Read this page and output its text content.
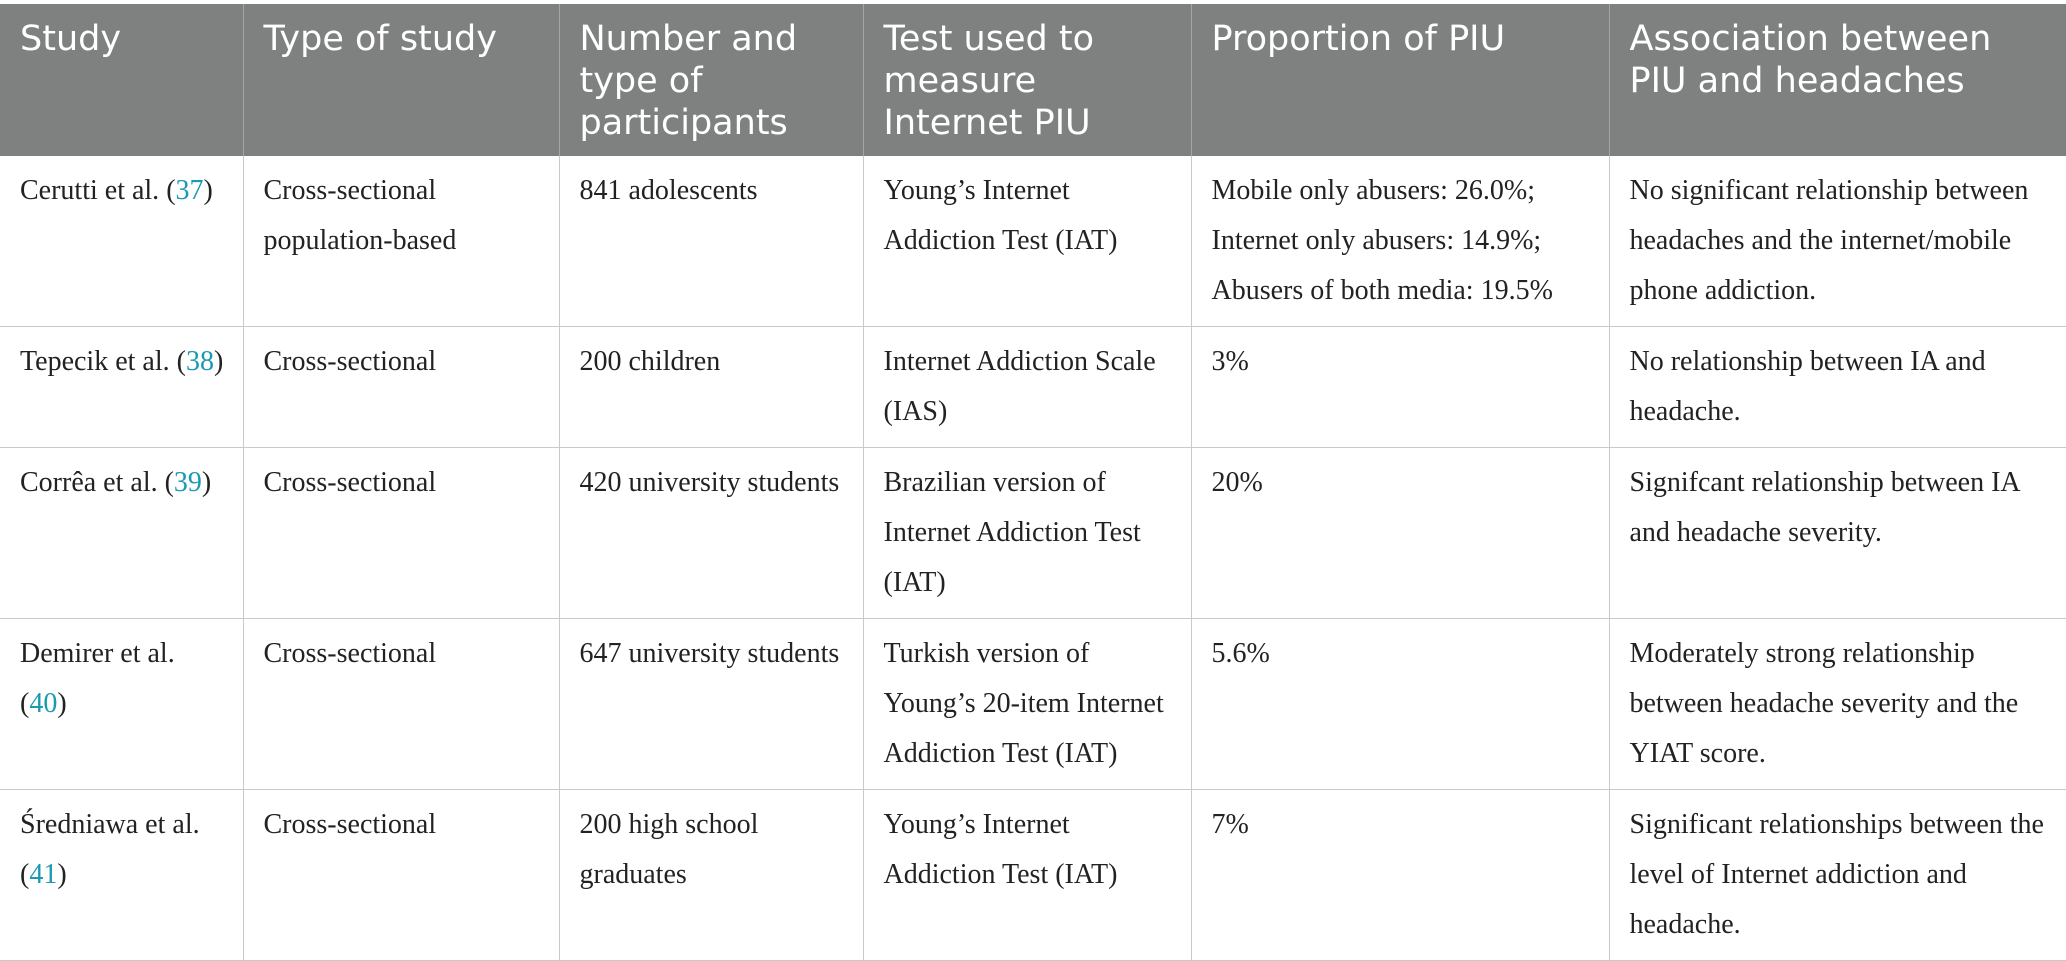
Study	Type of study	Number and type of participants	Test used to measure Internet PIU	Proportion of PIU	Association between PIU and headaches
Cerutti et al. (37)	Cross-sectional population-based	841 adolescents	Young’s Internet Addiction Test (IAT)	Mobile only abusers: 26.0%;
Internet only abusers: 14.9%;
Abusers of both media: 19.5%	No significant relationship between headaches and the internet/mobile phone addiction.
Tepecik et al. (38)	Cross-sectional	200 children	Internet Addiction Scale (IAS)	3%	No relationship between IA and headache.
Corrêa et al. (39)	Cross-sectional	420 university students	Brazilian version of Internet Addiction Test (IAT)	20%	Signifcant relationship between IA and headache severity.
Demirer et al. (40)	Cross-sectional	647 university students	Turkish version of Young’s 20-item Internet Addiction Test (IAT)	5.6%	Moderately strong relationship between headache severity and the YIAT score.
Średniawa et al. (41)	Cross-sectional	200 high school graduates	Young’s Internet Addiction Test (IAT)	7%	Significant relationships between the level of Internet addiction and headache.
